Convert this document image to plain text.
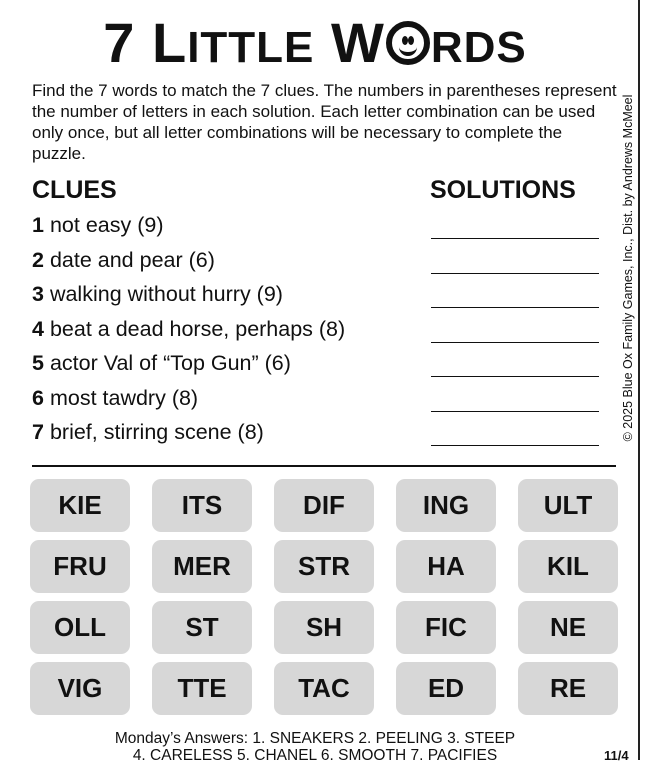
7 LITTLE W RDS

Find the 7 words to match the 7 clues. The numbers in parentheses represent the number of letters in each solution. Each letter combination can be used only once, but all letter combinations will be necessary to complete the puzzle.	© 2025 Blue Ox Family Games, Inc., Dist. by Andrews McMeel
CLUES	SOLUTIONS
1 not easy (9)
2 date and pear (6)
3 walking without hurry (9)
4 beat a dead horse, perhaps (8)
5 actor Val of “Top Gun” (6)
6 most tawdry (8)
7 brief, stirring scene (8)
KIE	ITS	DIF	ING	ULT
FRU	MER	STR	HA	KIL
OLL	ST	SH	FIC	NE
VIG	TTE	TAC	ED	RE
Monday’s Answers: 1. SNEAKERS 2. PEELING 3. STEEP
4. CARELESS 5. CHANEL 6. SMOOTH 7. PACIFIES	11/4
